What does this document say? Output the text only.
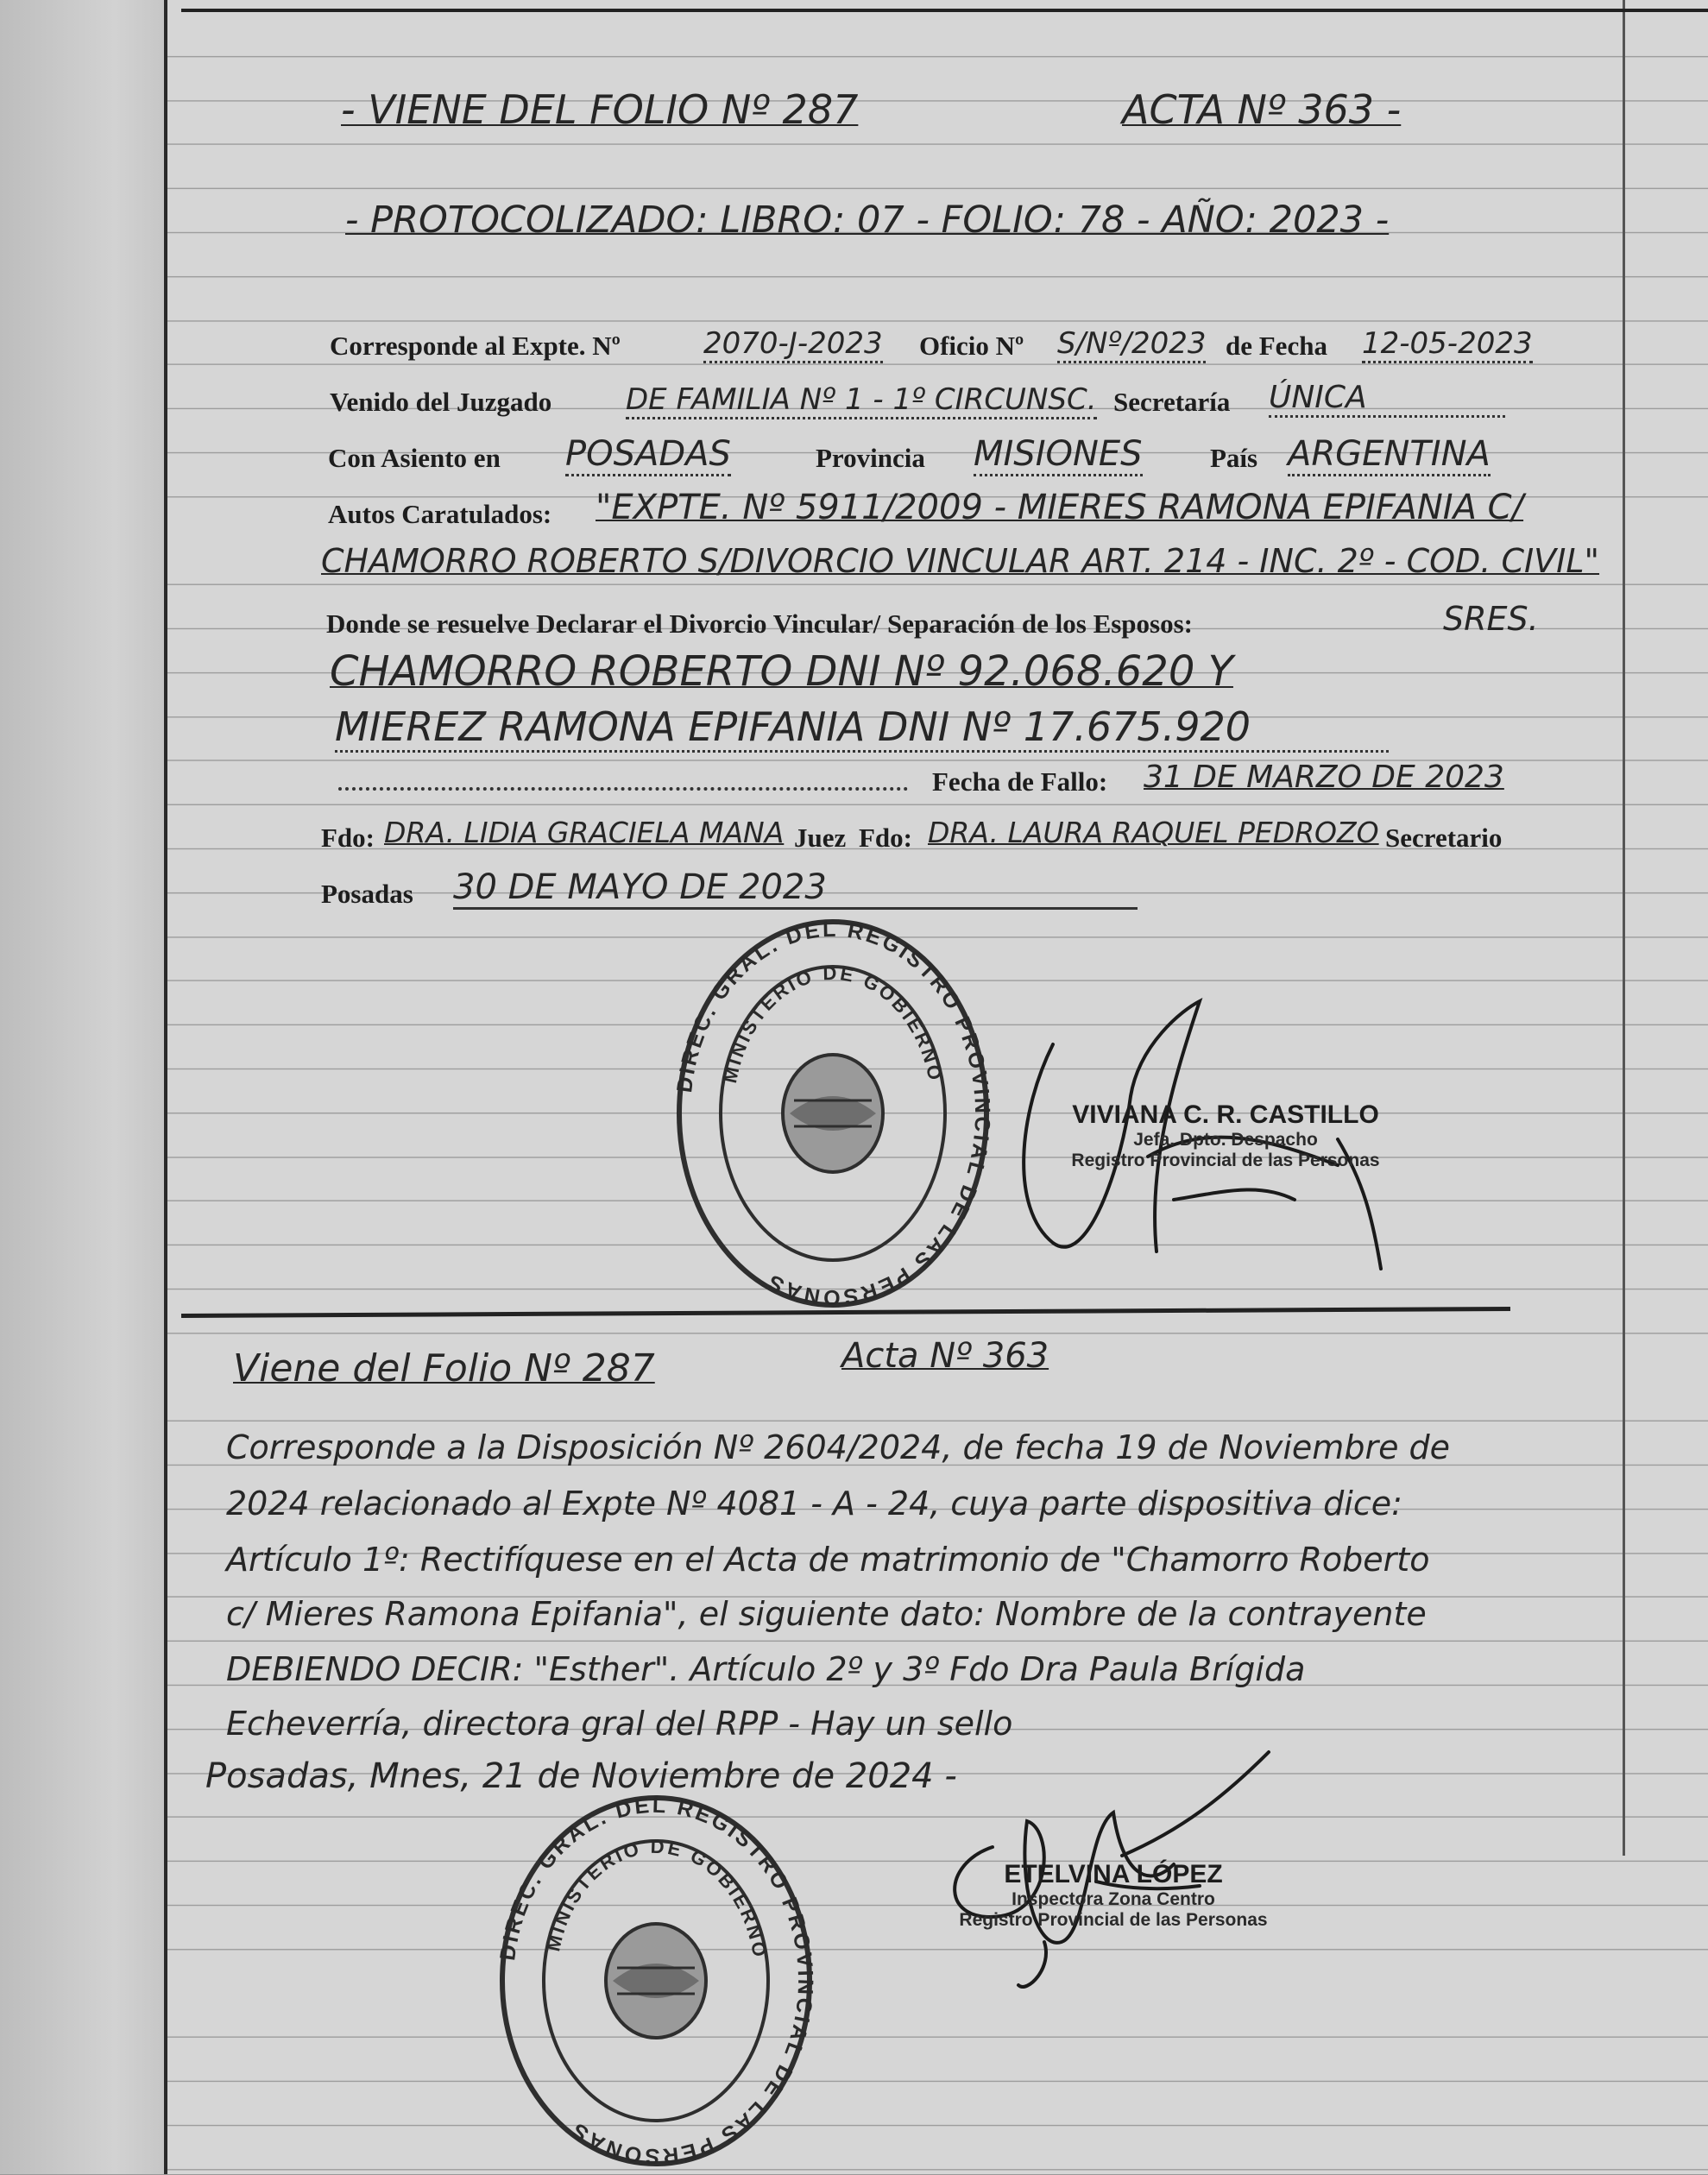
- VIENE DEL FOLIO Nº 287	ACTA Nº 363 -
- PROTOCOLIZADO: LIBRO: 07 - FOLIO: 78 - AÑO: 2023 -
Corresponde al Expte. Nº	2070-J-2023 Oficio Nº S/Nº/2023 de Fecha 12-05-2023
Venido del Juzgado	DE FAMILIA Nº 1 - 1º CIRCUNSC. Secretaría ÚNICA
Con Asiento en POSADAS	Provincia MISIONES	País ARGENTINA
Autos Caratulados: "EXPTE. Nº 5911/2009 - MIERES RAMONA EPIFANIA C/
CHAMORRO ROBERTO S/DIVORCIO VINCULAR ART. 214 - INC. 2º - COD. CIVIL"
Donde se resuelve Declarar el Divorcio Vincular/ Separación de los Esposos:	SRES.
CHAMORRO ROBERTO DNI Nº 92.068.620 Y
MIEREZ RAMONA EPIFANIA DNI Nº 17.675.920
Fecha de Fallo: 31 DE MARZO DE 2023
Fdo: DRA. LIDIA GRACIELA MANA Juez Fdo: DRA. LAURA RAQUEL PEDROZO Secretario
Posadas 30 DE MAYO DE 2023
DIREC. GRAL. DEL REGISTRO PROVINCIAL DE LAS PERSONAS
MINISTERIO DE GOBIERNO
VIVIANA C. R. CASTILLO
Jefa. Dpto. Despacho
Registro Provincial de las Personas
Viene del Folio Nº 287	Acta Nº 363
Corresponde a la Disposición Nº 2604/2024, de fecha 19 de Noviembre de
2024 relacionado al Expte Nº 4081 - A - 24, cuya parte dispositiva dice:
Artículo 1º: Rectifíquese en el Acta de matrimonio de "Chamorro Roberto
c/ Mieres Ramona Epifania", el siguiente dato: Nombre de la contrayente
DEBIENDO DECIR: "Esther". Artículo 2º y 3º Fdo Dra Paula Brígida
Echeverría, directora gral del RPP - Hay un sello
Posadas, Mnes, 21 de Noviembre de 2024 -
DIREC. GRAL. DEL REGISTRO PROVINCIAL DE LAS PERSONAS
MINISTERIO DE GOBIERNO
ETELVINA LÓPEZ
Inspectora Zona Centro
Registro Provincial de las Personas
